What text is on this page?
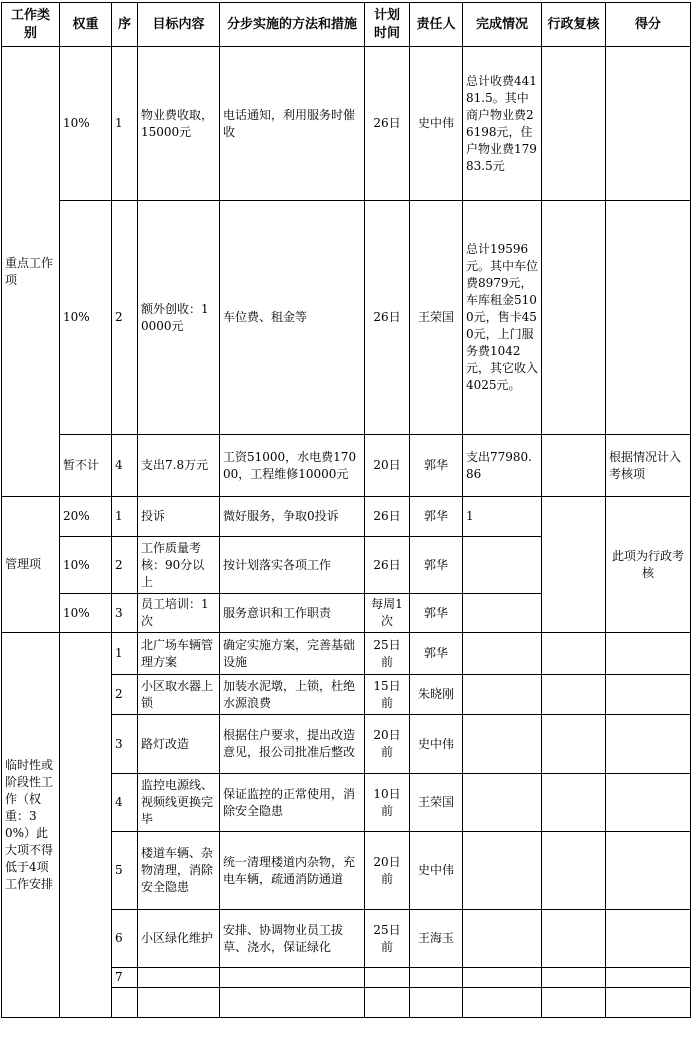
工作类别	权重	序	目标内容	分步实施的方法和措施	计划时间	责任人	完成情况	行政复核	得分
重点工作项	10%	1	物业费收取，15000元	电话通知，利用服务时催收	26日	史中伟	总计收费44181.5。其中商户物业费26198元，住户物业费17983.5元		
	10%	2	额外创收：10000元	车位费、租金等	26日	王荣国	总计19596元。其中车位费8979元，车库租金5100元，售卡450元，上门服务费1042元，其它收入4025元。		
	暂不计	4	支出7.8万元	工资51000，水电费17000，工程维修10000元	20日	郭华	支出77980.86		根据情况计入考核项
管理项	20%	1	投诉	微好服务，争取0投诉	26日	郭华	1		此项为行政考核
	10%	2	工作质量考核：90分以上	按计划落实各项工作	26日	郭华			
	10%	3	员工培训：1次	服务意识和工作职责	每周1次	郭华			
临时性或阶段性工作（权重：30%）此大项不得低于4项工作安排		1	北广场车辆管理方案	确定实施方案，完善基础设施	25日前	郭华			
		2	小区取水器上锁	加装水泥墩，上锁，杜绝水源浪费	15日前	朱晓刚			
		3	路灯改造	根据住户要求，提出改造意见，报公司批准后整改	20日前	史中伟			
		4	监控电源线、视频线更换完毕	保证监控的正常使用，消除安全隐患	10日前	王荣国			
		5	楼道车辆、杂物清理，消除安全隐患	统一清理楼道内杂物，充电车辆，疏通消防通道	20日前	史中伟			
		6	小区绿化维护	安排、协调物业员工拔草、浇水，保证绿化	25日前	王海玉			
		7							
